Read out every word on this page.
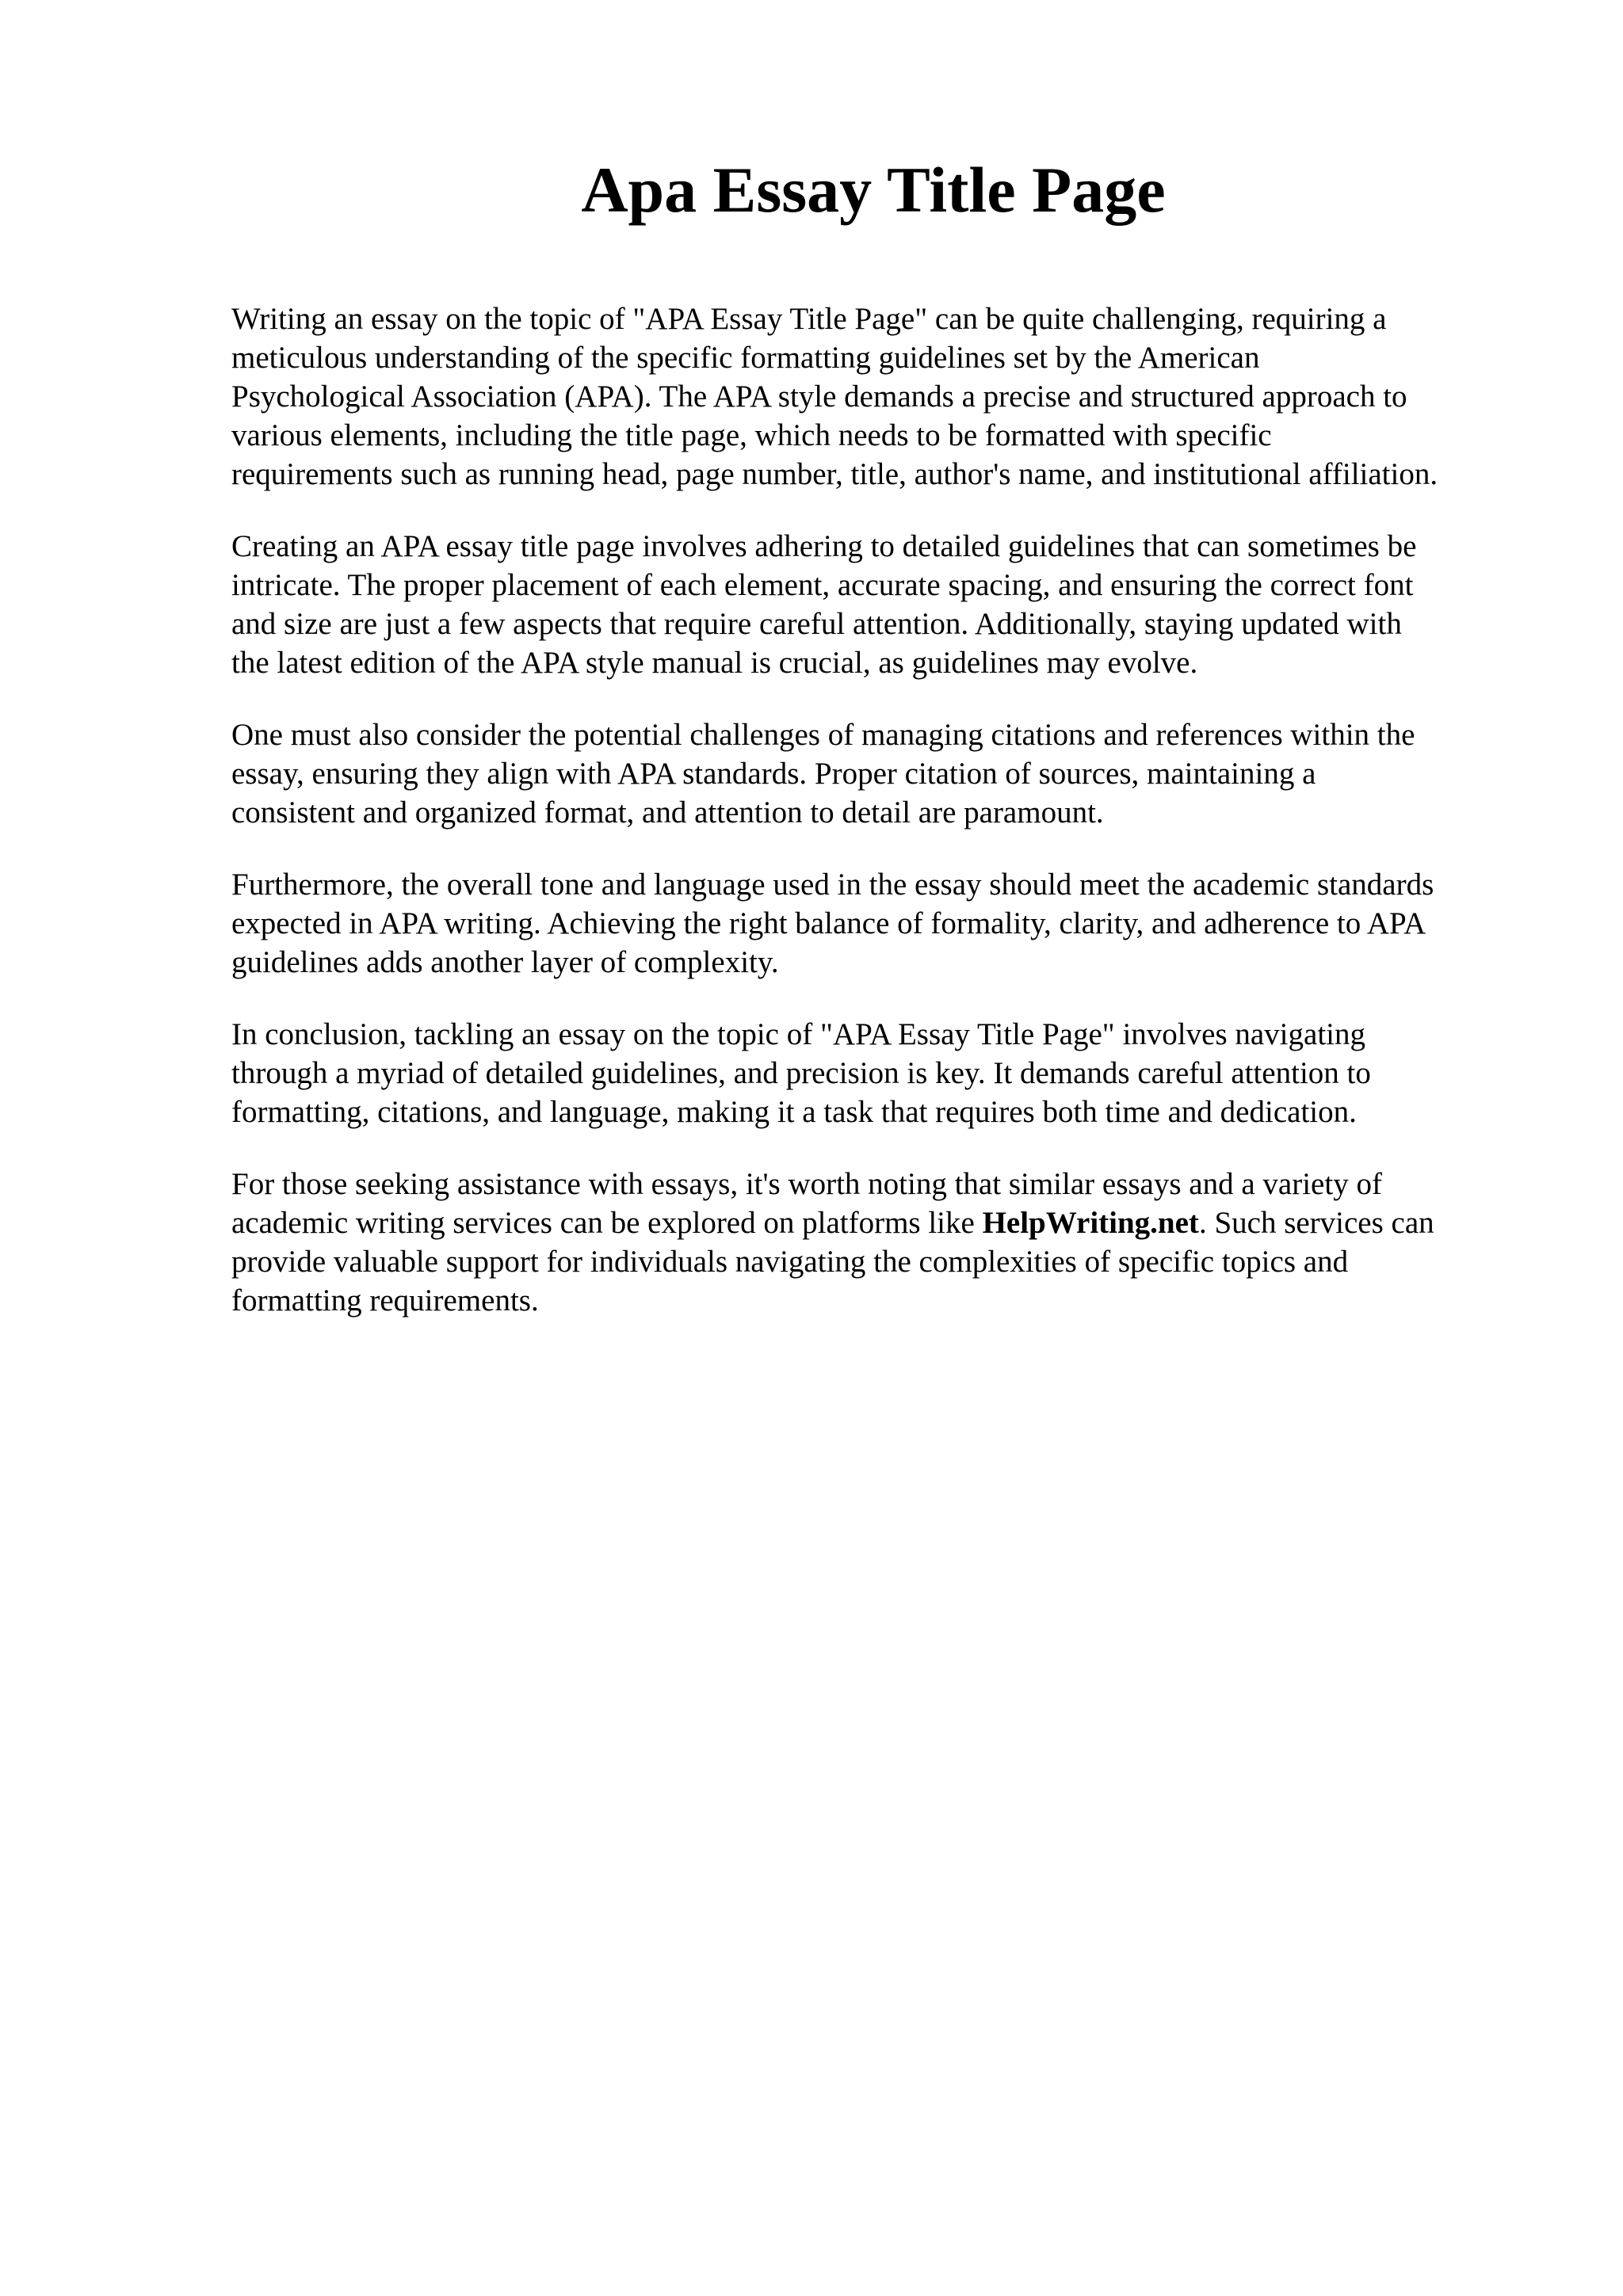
Apa Essay Title Page

Writing an essay on the topic of "APA Essay Title Page" can be quite challenging, requiring a
meticulous understanding of the specific formatting guidelines set by the American
Psychological Association (APA). The APA style demands a precise and structured approach to
various elements, including the title page, which needs to be formatted with specific
requirements such as running head, page number, title, author's name, and institutional affiliation.

Creating an APA essay title page involves adhering to detailed guidelines that can sometimes be
intricate. The proper placement of each element, accurate spacing, and ensuring the correct font
and size are just a few aspects that require careful attention. Additionally, staying updated with
the latest edition of the APA style manual is crucial, as guidelines may evolve.

One must also consider the potential challenges of managing citations and references within the
essay, ensuring they align with APA standards. Proper citation of sources, maintaining a
consistent and organized format, and attention to detail are paramount.

Furthermore, the overall tone and language used in the essay should meet the academic standards
expected in APA writing. Achieving the right balance of formality, clarity, and adherence to APA
guidelines adds another layer of complexity.

In conclusion, tackling an essay on the topic of "APA Essay Title Page" involves navigating
through a myriad of detailed guidelines, and precision is key. It demands careful attention to
formatting, citations, and language, making it a task that requires both time and dedication.

For those seeking assistance with essays, it's worth noting that similar essays and a variety of
academic writing services can be explored on platforms like HelpWriting.net. Such services can
provide valuable support for individuals navigating the complexities of specific topics and
formatting requirements.
